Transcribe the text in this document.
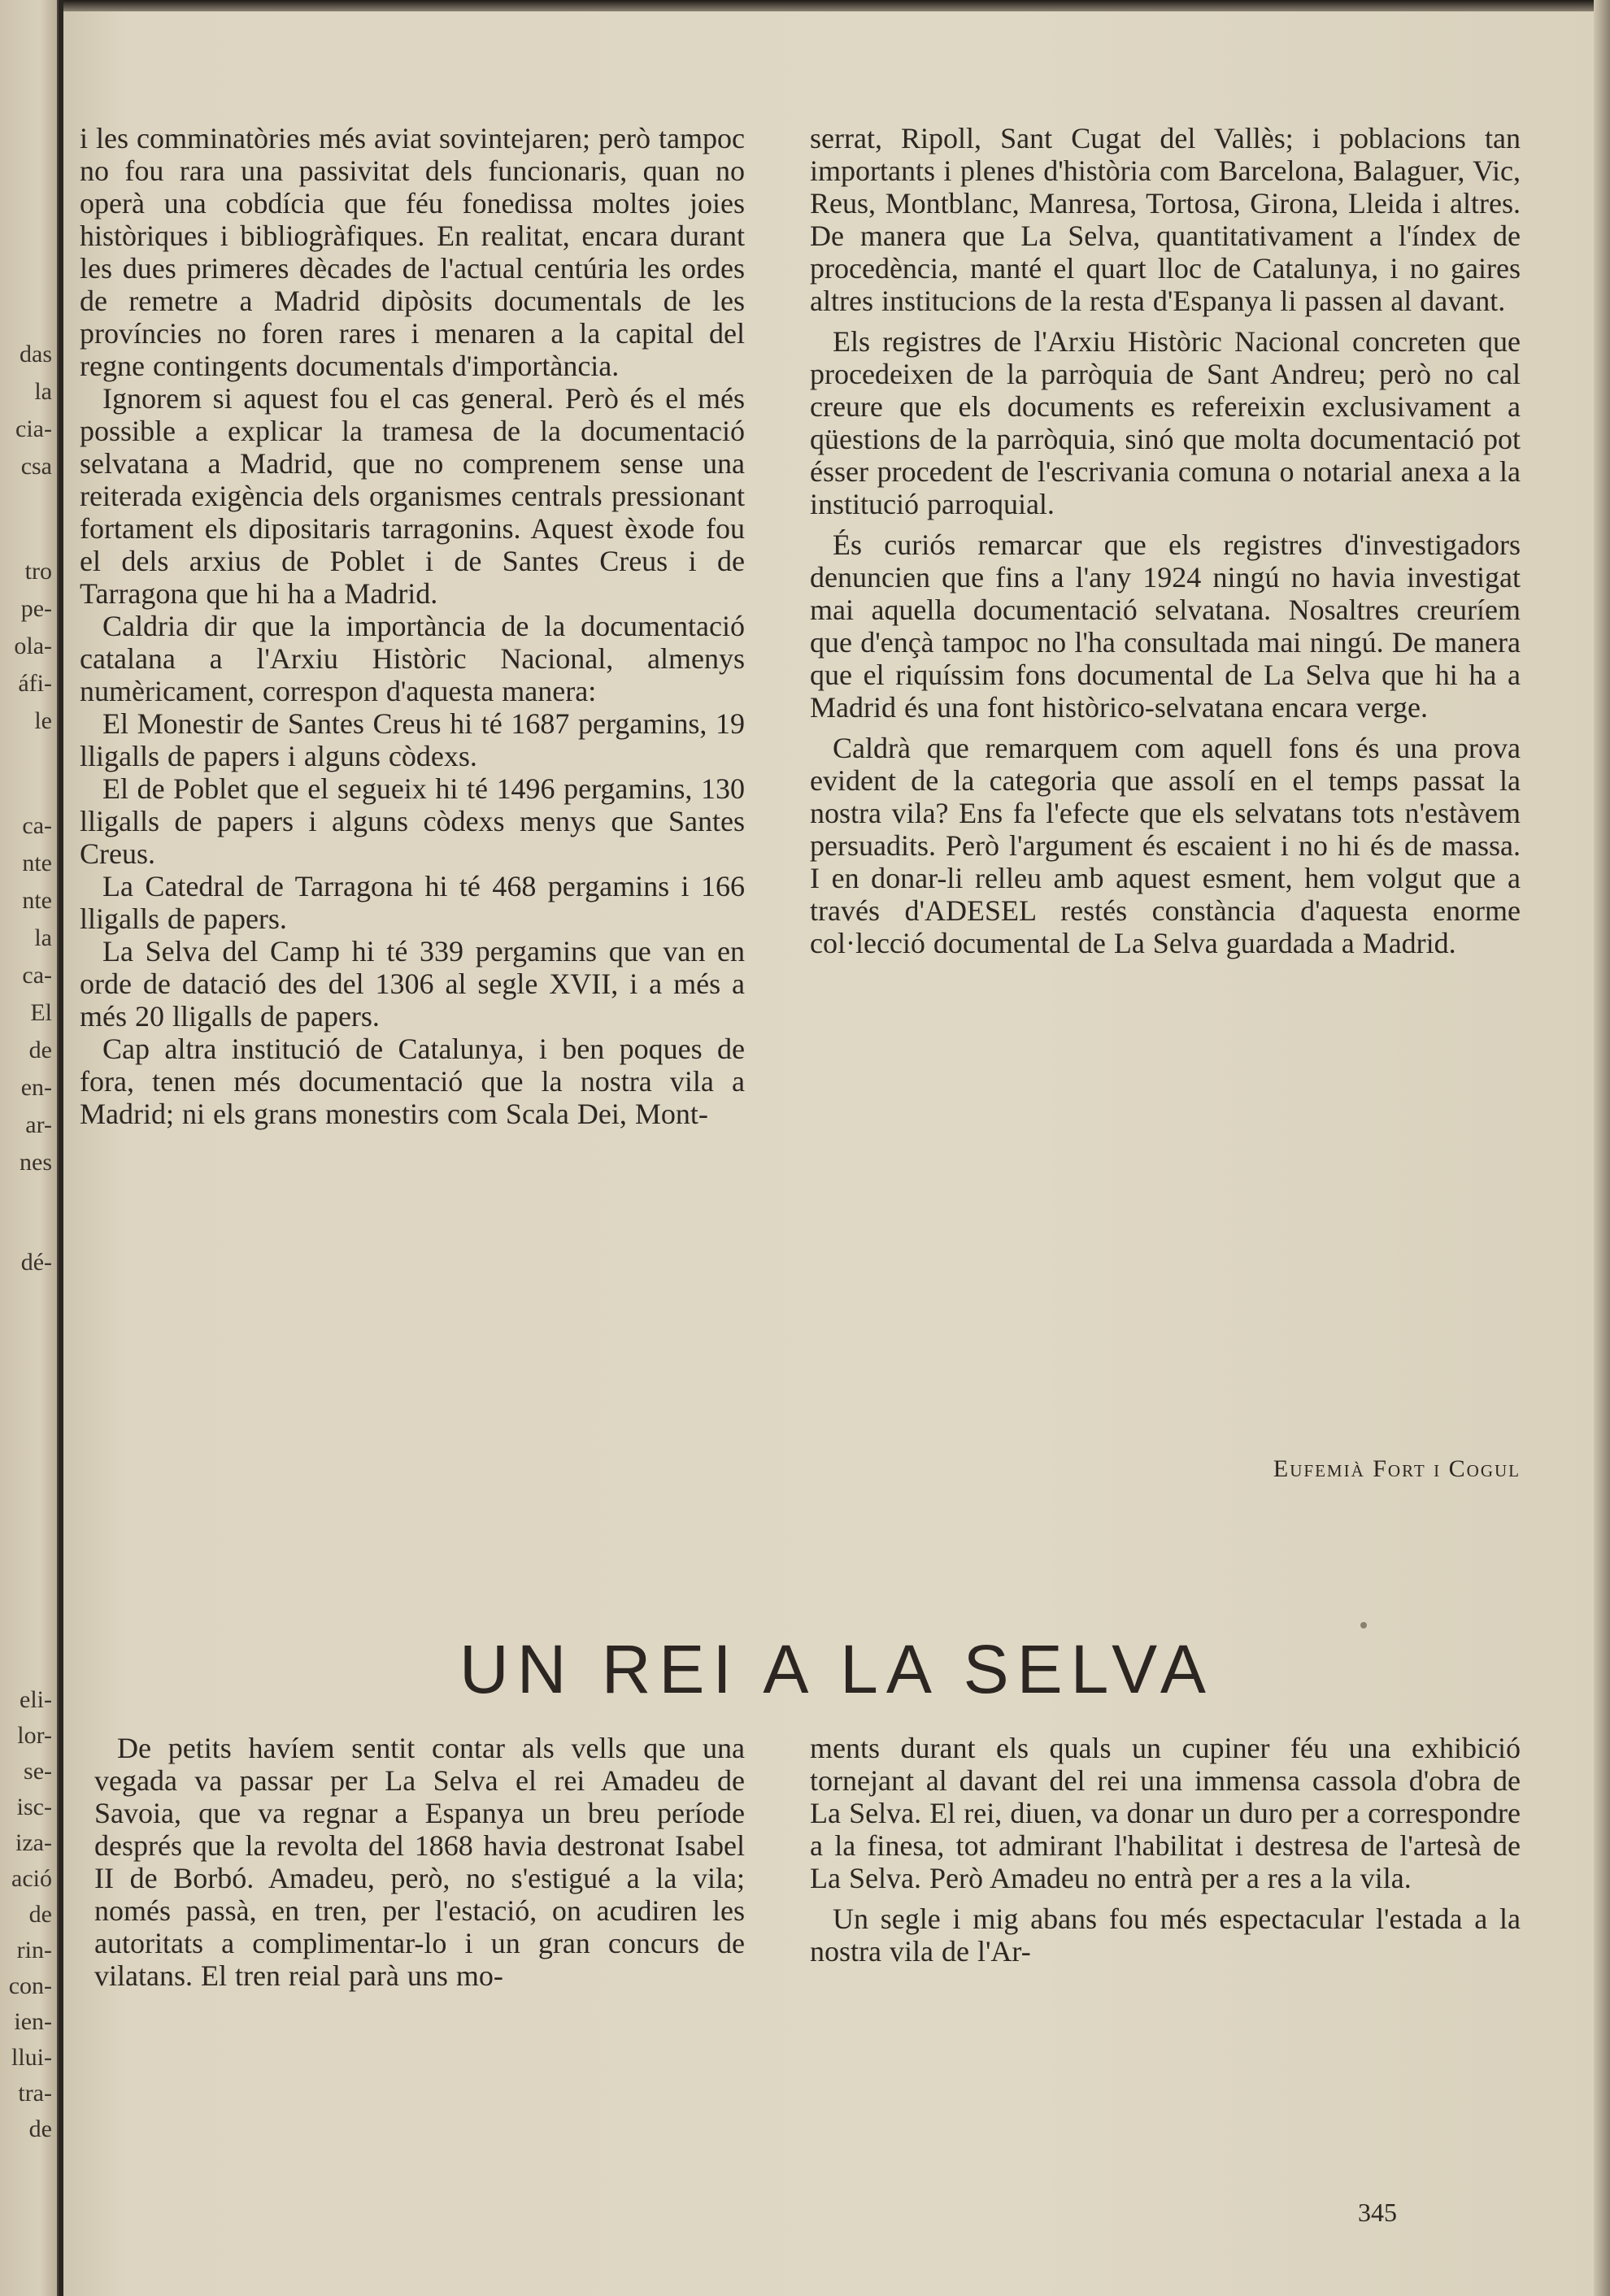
das
la
cia-
csa
tro
pe-
ola-
áfi-
le
ca-
nte
nte
la
ca-
El
de
en-
ar-
nes
dé-
eli-
lor-
se-
isc-
iza-
ació
de
rin-
con-
ien-
llui-
tra-
de

i les comminatòries més aviat sovintejaren; però tampoc no fou rara una passivitat dels funcionaris, quan no operà una cobdícia que féu fonedissa moltes joies històriques i bibliogràfiques. En realitat, encara durant les dues primeres dècades de l'actual centúria les ordes de remetre a Madrid dipòsits documentals de les províncies no foren rares i menaren a la capital del regne contingents documentals d'importància.

Ignorem si aquest fou el cas general. Però és el més possible a explicar la tramesa de la documentació selvatana a Madrid, que no comprenem sense una reiterada exigència dels organismes centrals pressionant fortament els dipositaris tarragonins. Aquest èxode fou el dels arxius de Poblet i de Santes Creus i de Tarragona que hi ha a Madrid.

Caldria dir que la importància de la documentació catalana a l'Arxiu Històric Nacional, almenys numèricament, correspon d'aquesta manera:

El Monestir de Santes Creus hi té 1687 pergamins, 19 lligalls de papers i alguns còdexs.

El de Poblet que el segueix hi té 1496 pergamins, 130 lligalls de papers i alguns còdexs menys que Santes Creus.

La Catedral de Tarragona hi té 468 pergamins i 166 lligalls de papers.

La Selva del Camp hi té 339 pergamins que van en orde de datació des del 1306 al segle XVII, i a més a més 20 lligalls de papers.

Cap altra institució de Catalunya, i ben poques de fora, tenen més documentació que la nostra vila a Madrid; ni els grans monestirs com Scala Dei, Mont-

serrat, Ripoll, Sant Cugat del Vallès; i poblacions tan importants i plenes d'història com Barcelona, Balaguer, Vic, Reus, Montblanc, Manresa, Tortosa, Girona, Lleida i altres. De manera que La Selva, quantitativament a l'índex de procedència, manté el quart lloc de Catalunya, i no gaires altres institucions de la resta d'Espanya li passen al davant.

Els registres de l'Arxiu Històric Nacional concreten que procedeixen de la parròquia de Sant Andreu; però no cal creure que els documents es refereixin exclusivament a qüestions de la parròquia, sinó que molta documentació pot ésser procedent de l'escrivania comuna o notarial anexa a la institució parroquial.

És curiós remarcar que els registres d'investigadors denuncien que fins a l'any 1924 ningú no havia investigat mai aquella documentació selvatana. Nosaltres creuríem que d'ençà tampoc no l'ha consultada mai ningú. De manera que el riquíssim fons documental de La Selva que hi ha a Madrid és una font històrico-selvatana encara verge.

Caldrà que remarquem com aquell fons és una prova evident de la categoria que assolí en el temps passat la nostra vila? Ens fa l'efecte que els selvatans tots n'estàvem persuadits. Però l'argument és escaient i no hi és de massa. I en donar-li relleu amb aquest esment, hem volgut que a través d'ADESEL restés constància d'aquesta enorme col·lecció documental de La Selva guardada a Madrid.

Eufemià Fort i Cogul
UN REI A LA SELVA

De petits havíem sentit contar als vells que una vegada va passar per La Selva el rei Amadeu de Savoia, que va regnar a Espanya un breu període després que la revolta del 1868 havia destronat Isabel II de Borbó. Amadeu, però, no s'estigué a la vila; només passà, en tren, per l'estació, on acudiren les autoritats a complimentar-lo i un gran concurs de vilatans. El tren reial parà uns mo-

ments durant els quals un cupiner féu una exhibició tornejant al davant del rei una immensa cassola d'obra de La Selva. El rei, diuen, va donar un duro per a correspondre a la finesa, tot admirant l'habilitat i destresa de l'artesà de La Selva. Però Amadeu no entrà per a res a la vila.

Un segle i mig abans fou més espectacular l'estada a la nostra vila de l'Ar-

345
